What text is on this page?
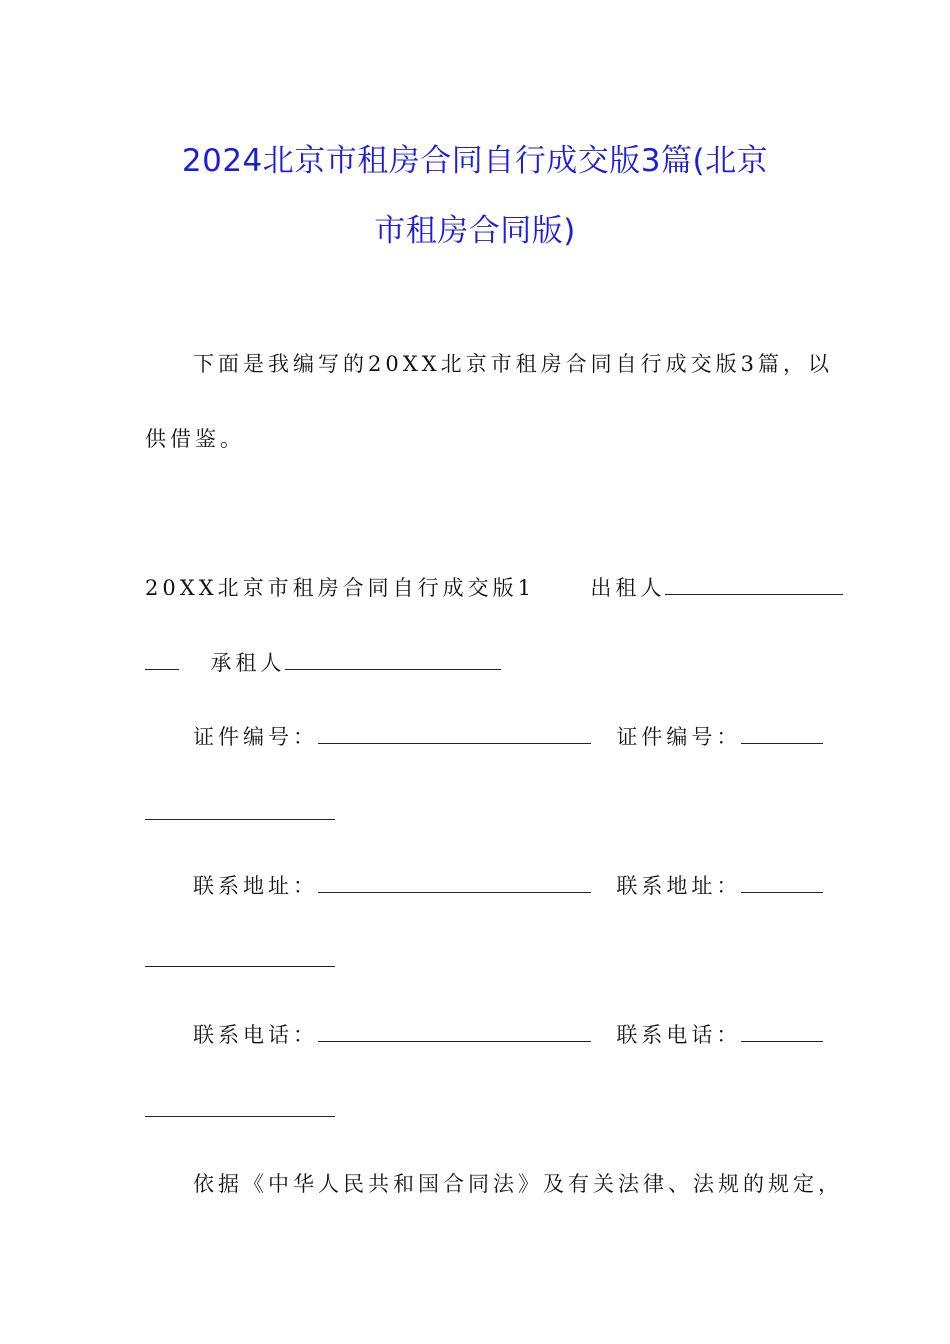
2024北京市租房合同自行成交版3篇(北京
市租房合同版)
下面是我编写的20XX北京市租房合同自行成交版3篇，以
供借鉴。
20XX北京市租房合同自行成交版1	出租人
承租人
证件编号：	证件编号：
联系地址：	联系地址：
联系电话：	联系电话：
依据《中华人民共和国合同法》及有关法律、法规的规定，
